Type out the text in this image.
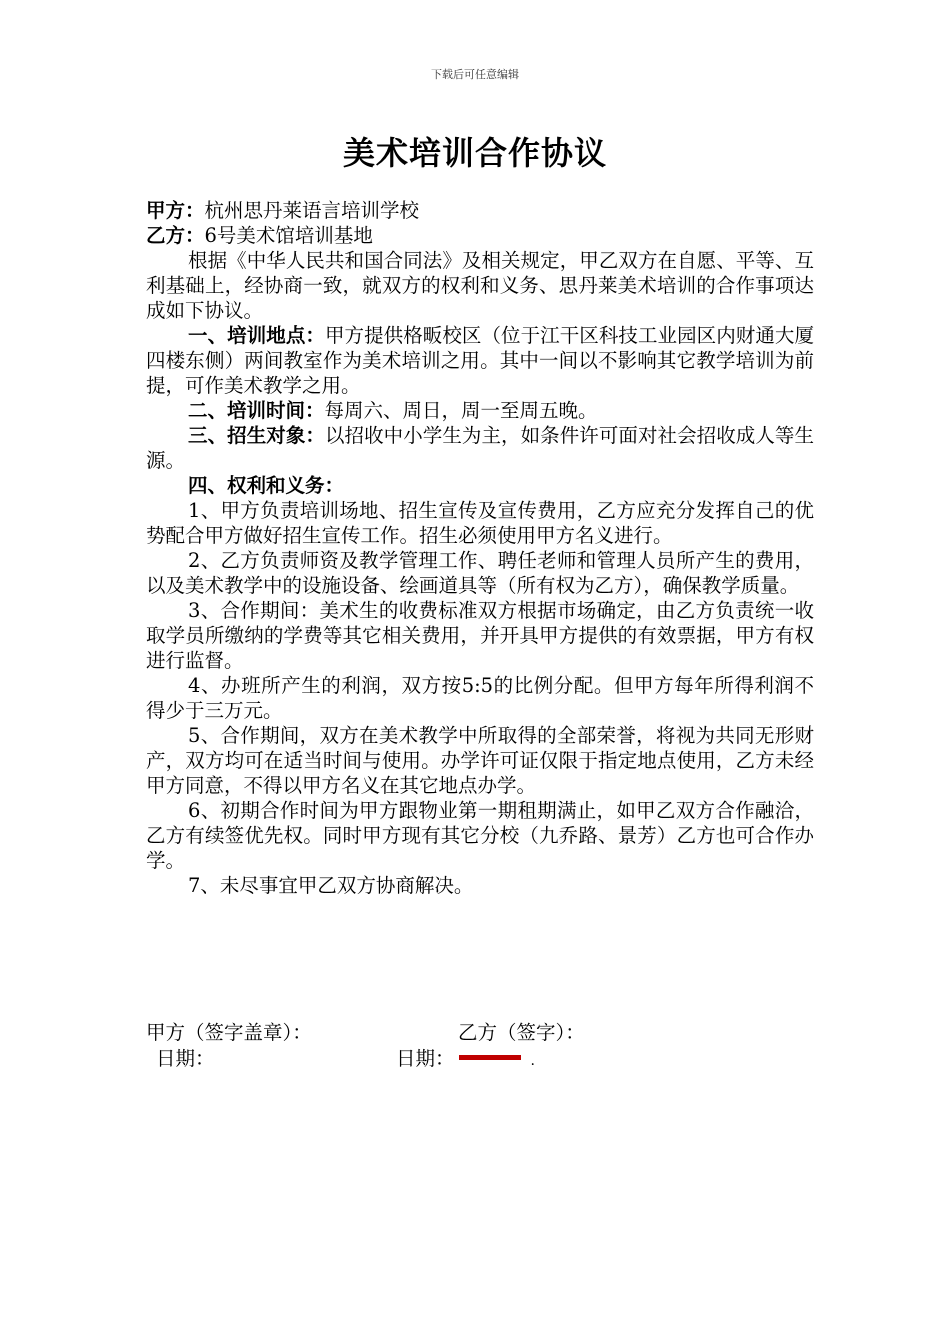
下载后可任意编辑
美术培训合作协议

甲方：杭州思丹莱语言培训学校

乙方：6号美术馆培训基地

根据《中华人民共和国合同法》及相关规定，甲乙双方在自愿、平等、互利基础上，经协商一致，就双方的权利和义务、思丹莱美术培训的合作事项达成如下协议。

一、培训地点：甲方提供格畈校区（位于江干区科技工业园区内财通大厦四楼东侧）两间教室作为美术培训之用。其中一间以不影响其它教学培训为前提，可作美术教学之用。

二、培训时间：每周六、周日，周一至周五晚。

三、招生对象：以招收中小学生为主，如条件许可面对社会招收成人等生源。

四、权利和义务：

1、甲方负责培训场地、招生宣传及宣传费用，乙方应充分发挥自己的优势配合甲方做好招生宣传工作。招生必须使用甲方名义进行。

2、乙方负责师资及教学管理工作、聘任老师和管理人员所产生的费用，以及美术教学中的设施设备、绘画道具等（所有权为乙方），确保教学质量。

3、合作期间：美术生的收费标准双方根据市场确定，由乙方负责统一收取学员所缴纳的学费等其它相关费用，并开具甲方提供的有效票据，甲方有权进行监督。

4、办班所产生的利润，双方按5:5的比例分配。但甲方每年所得利润不得少于三万元。

5、合作期间，双方在美术教学中所取得的全部荣誉，将视为共同无形财产，双方均可在适当时间与使用。办学许可证仅限于指定地点使用，乙方未经甲方同意，不得以甲方名义在其它地点办学。

6、初期合作时间为甲方跟物业第一期租期满止，如甲乙双方合作融洽，乙方有续签优先权。同时甲方现有其它分校（九乔路、景芳）乙方也可合作办学。

7、未尽事宜甲乙双方协商解决。

甲方（签字盖章）：	乙方（签字）：
日期：	日期：	.
